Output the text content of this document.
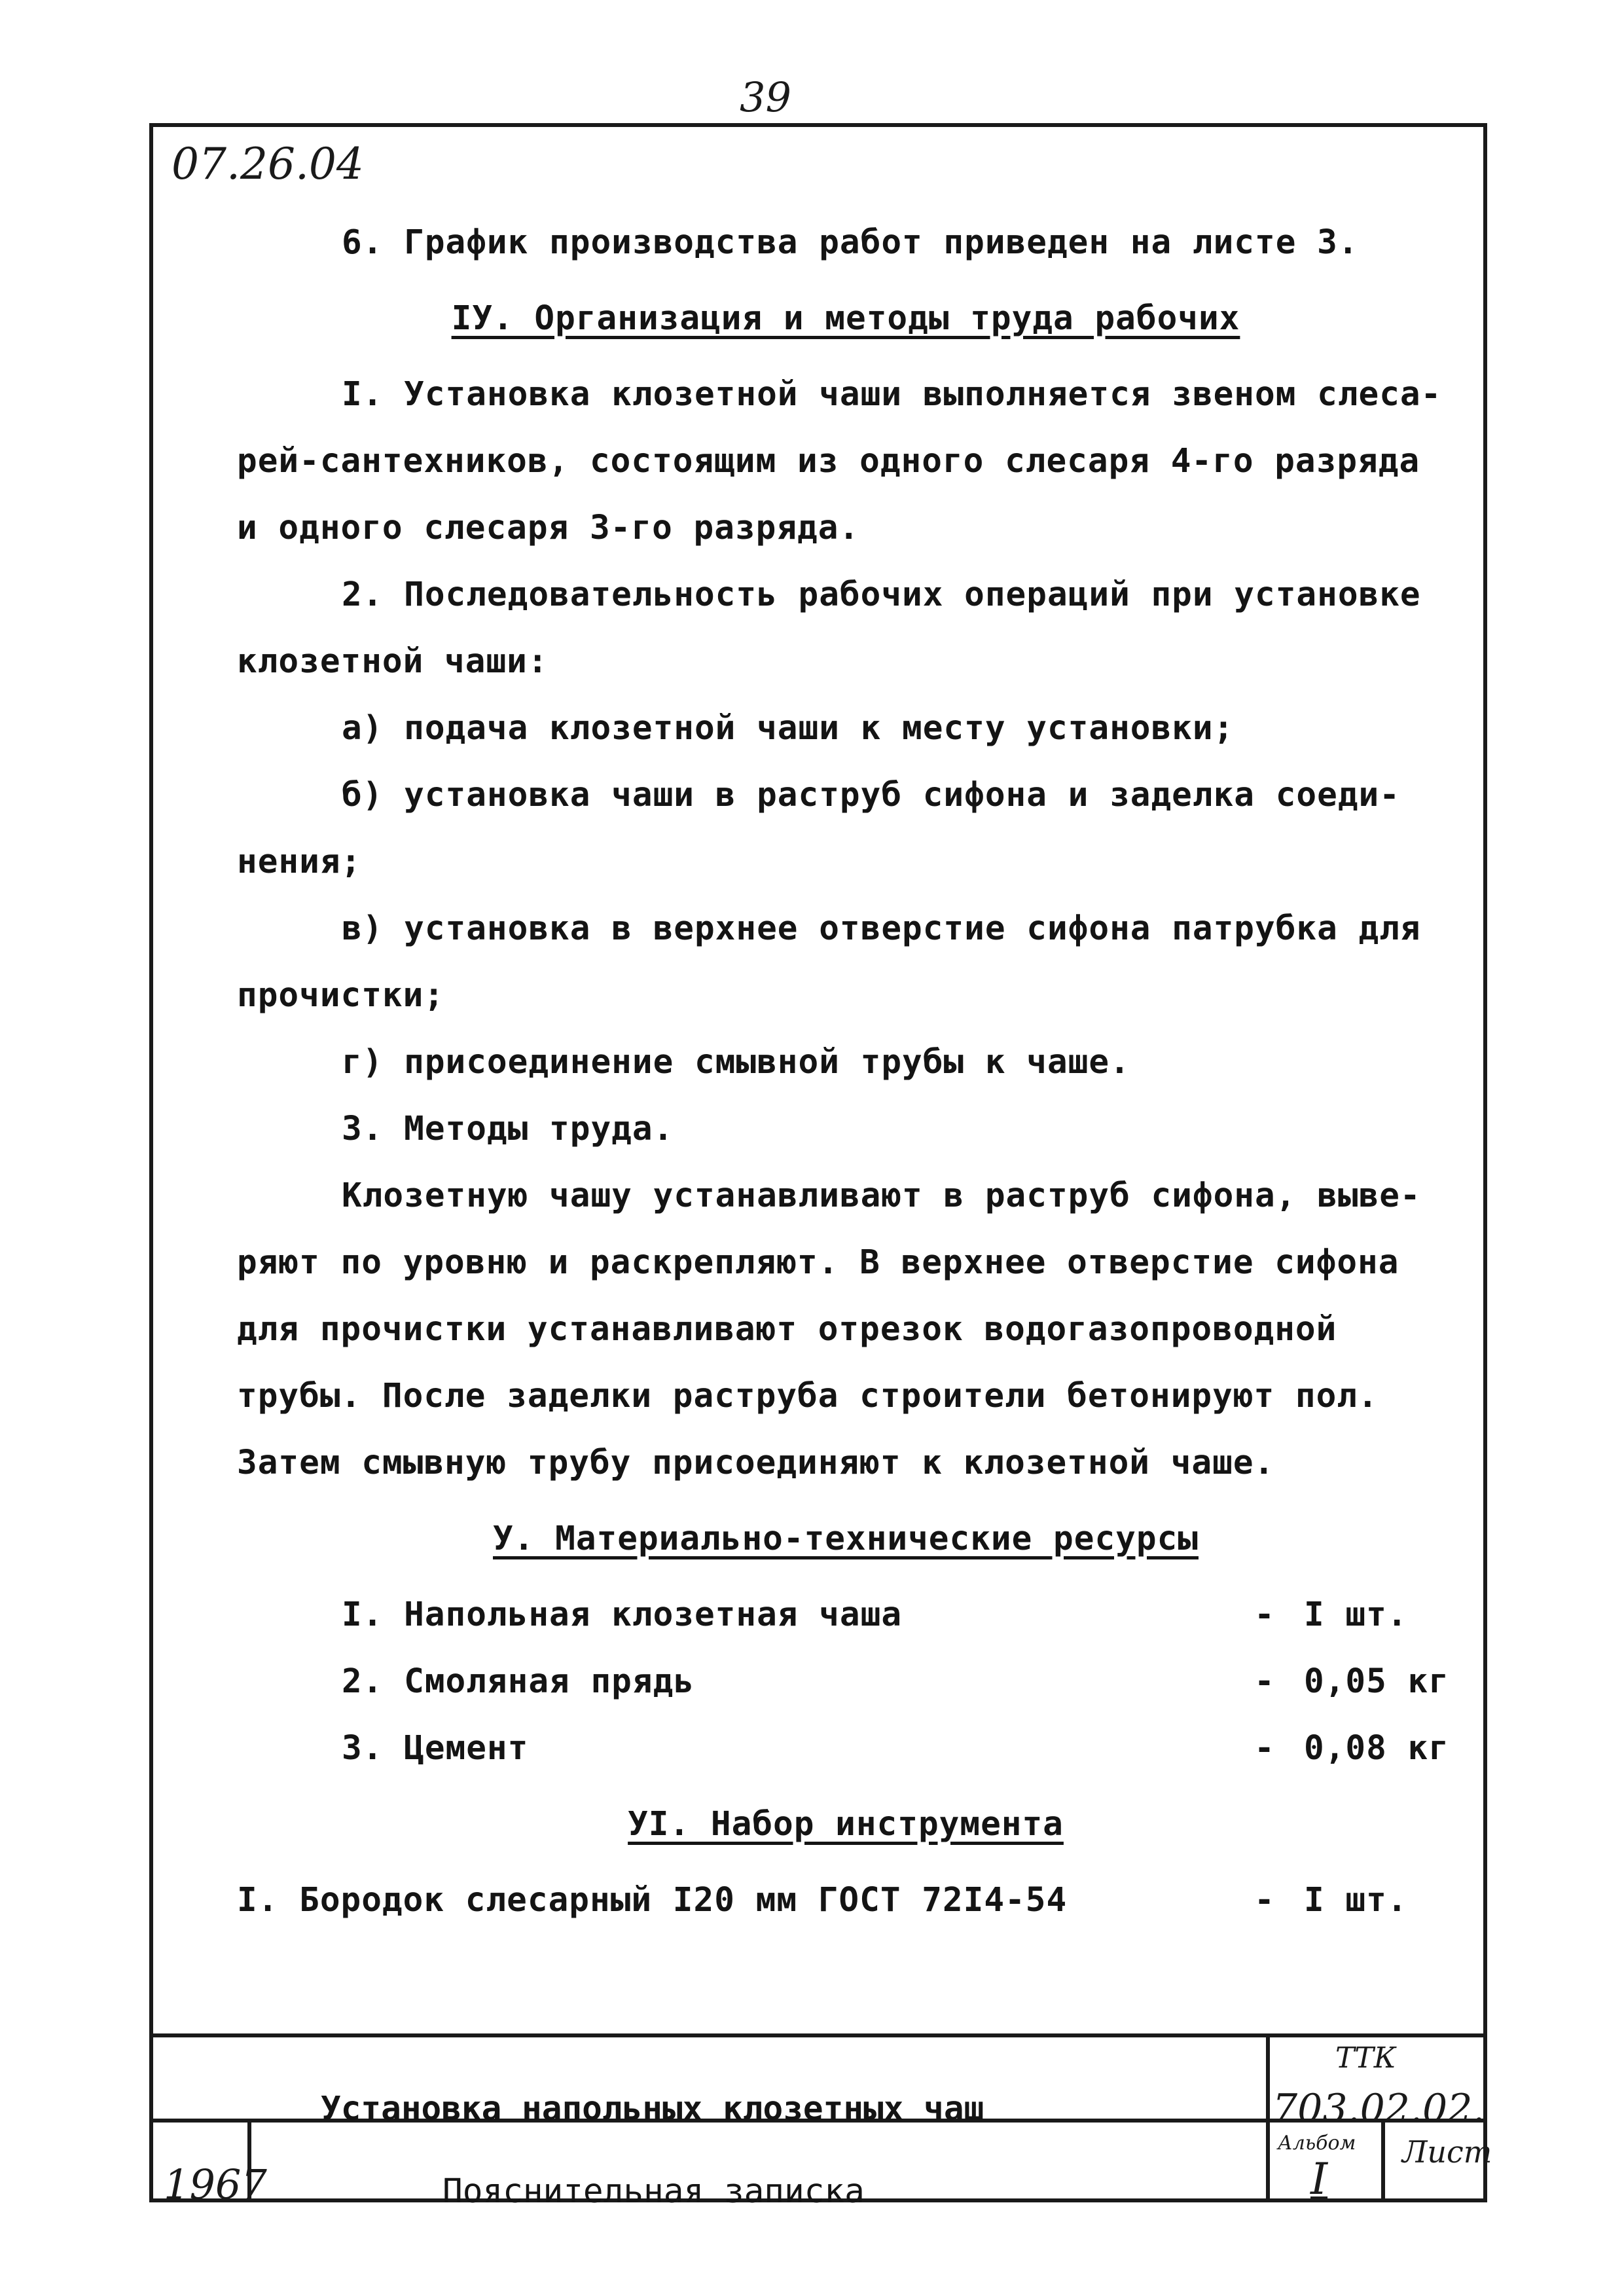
39
07.26.04
6. График производства работ приведен на листе 3.
IУ. Организация и методы труда рабочих
I. Установка клозетной чаши выполняется звеном слеса-
рей-сантехников, состоящим из одного слесаря 4-го разряда
и одного слесаря 3-го разряда.
2. Последовательность рабочих операций при установке
клозетной чаши:
а) подача клозетной чаши к месту установки;
б) установка чаши в раструб сифона и заделка соеди-
нения;
в) установка в верхнее отверстие сифона патрубка для
прочистки;
г) присоединение смывной трубы к чаше.
3. Методы труда.
Клозетную чашу устанавливают в раструб сифона, выве-
ряют по уровню и раскрепляют. В верхнее отверстие сифона
для прочистки устанавливают отрезок водогазопроводной
трубы. После заделки раструба строители бетонируют пол.
Затем смывную трубу присоединяют к клозетной чаше.
У. Материально-технические ресурсы
I. Напольная клозетная чаша	- I шт.
2. Смоляная прядь	- 0,05 кг
3. Цемент	- 0,08 кг
УI. Набор инструмента
I. Бородок слесарный I20 мм ГОСТ 72I4-54	- I шт.
Установка напольных клозетных чаш
Пояснительная записка
ТТК
703.02.02.
1967
Альбом
I
Лист
